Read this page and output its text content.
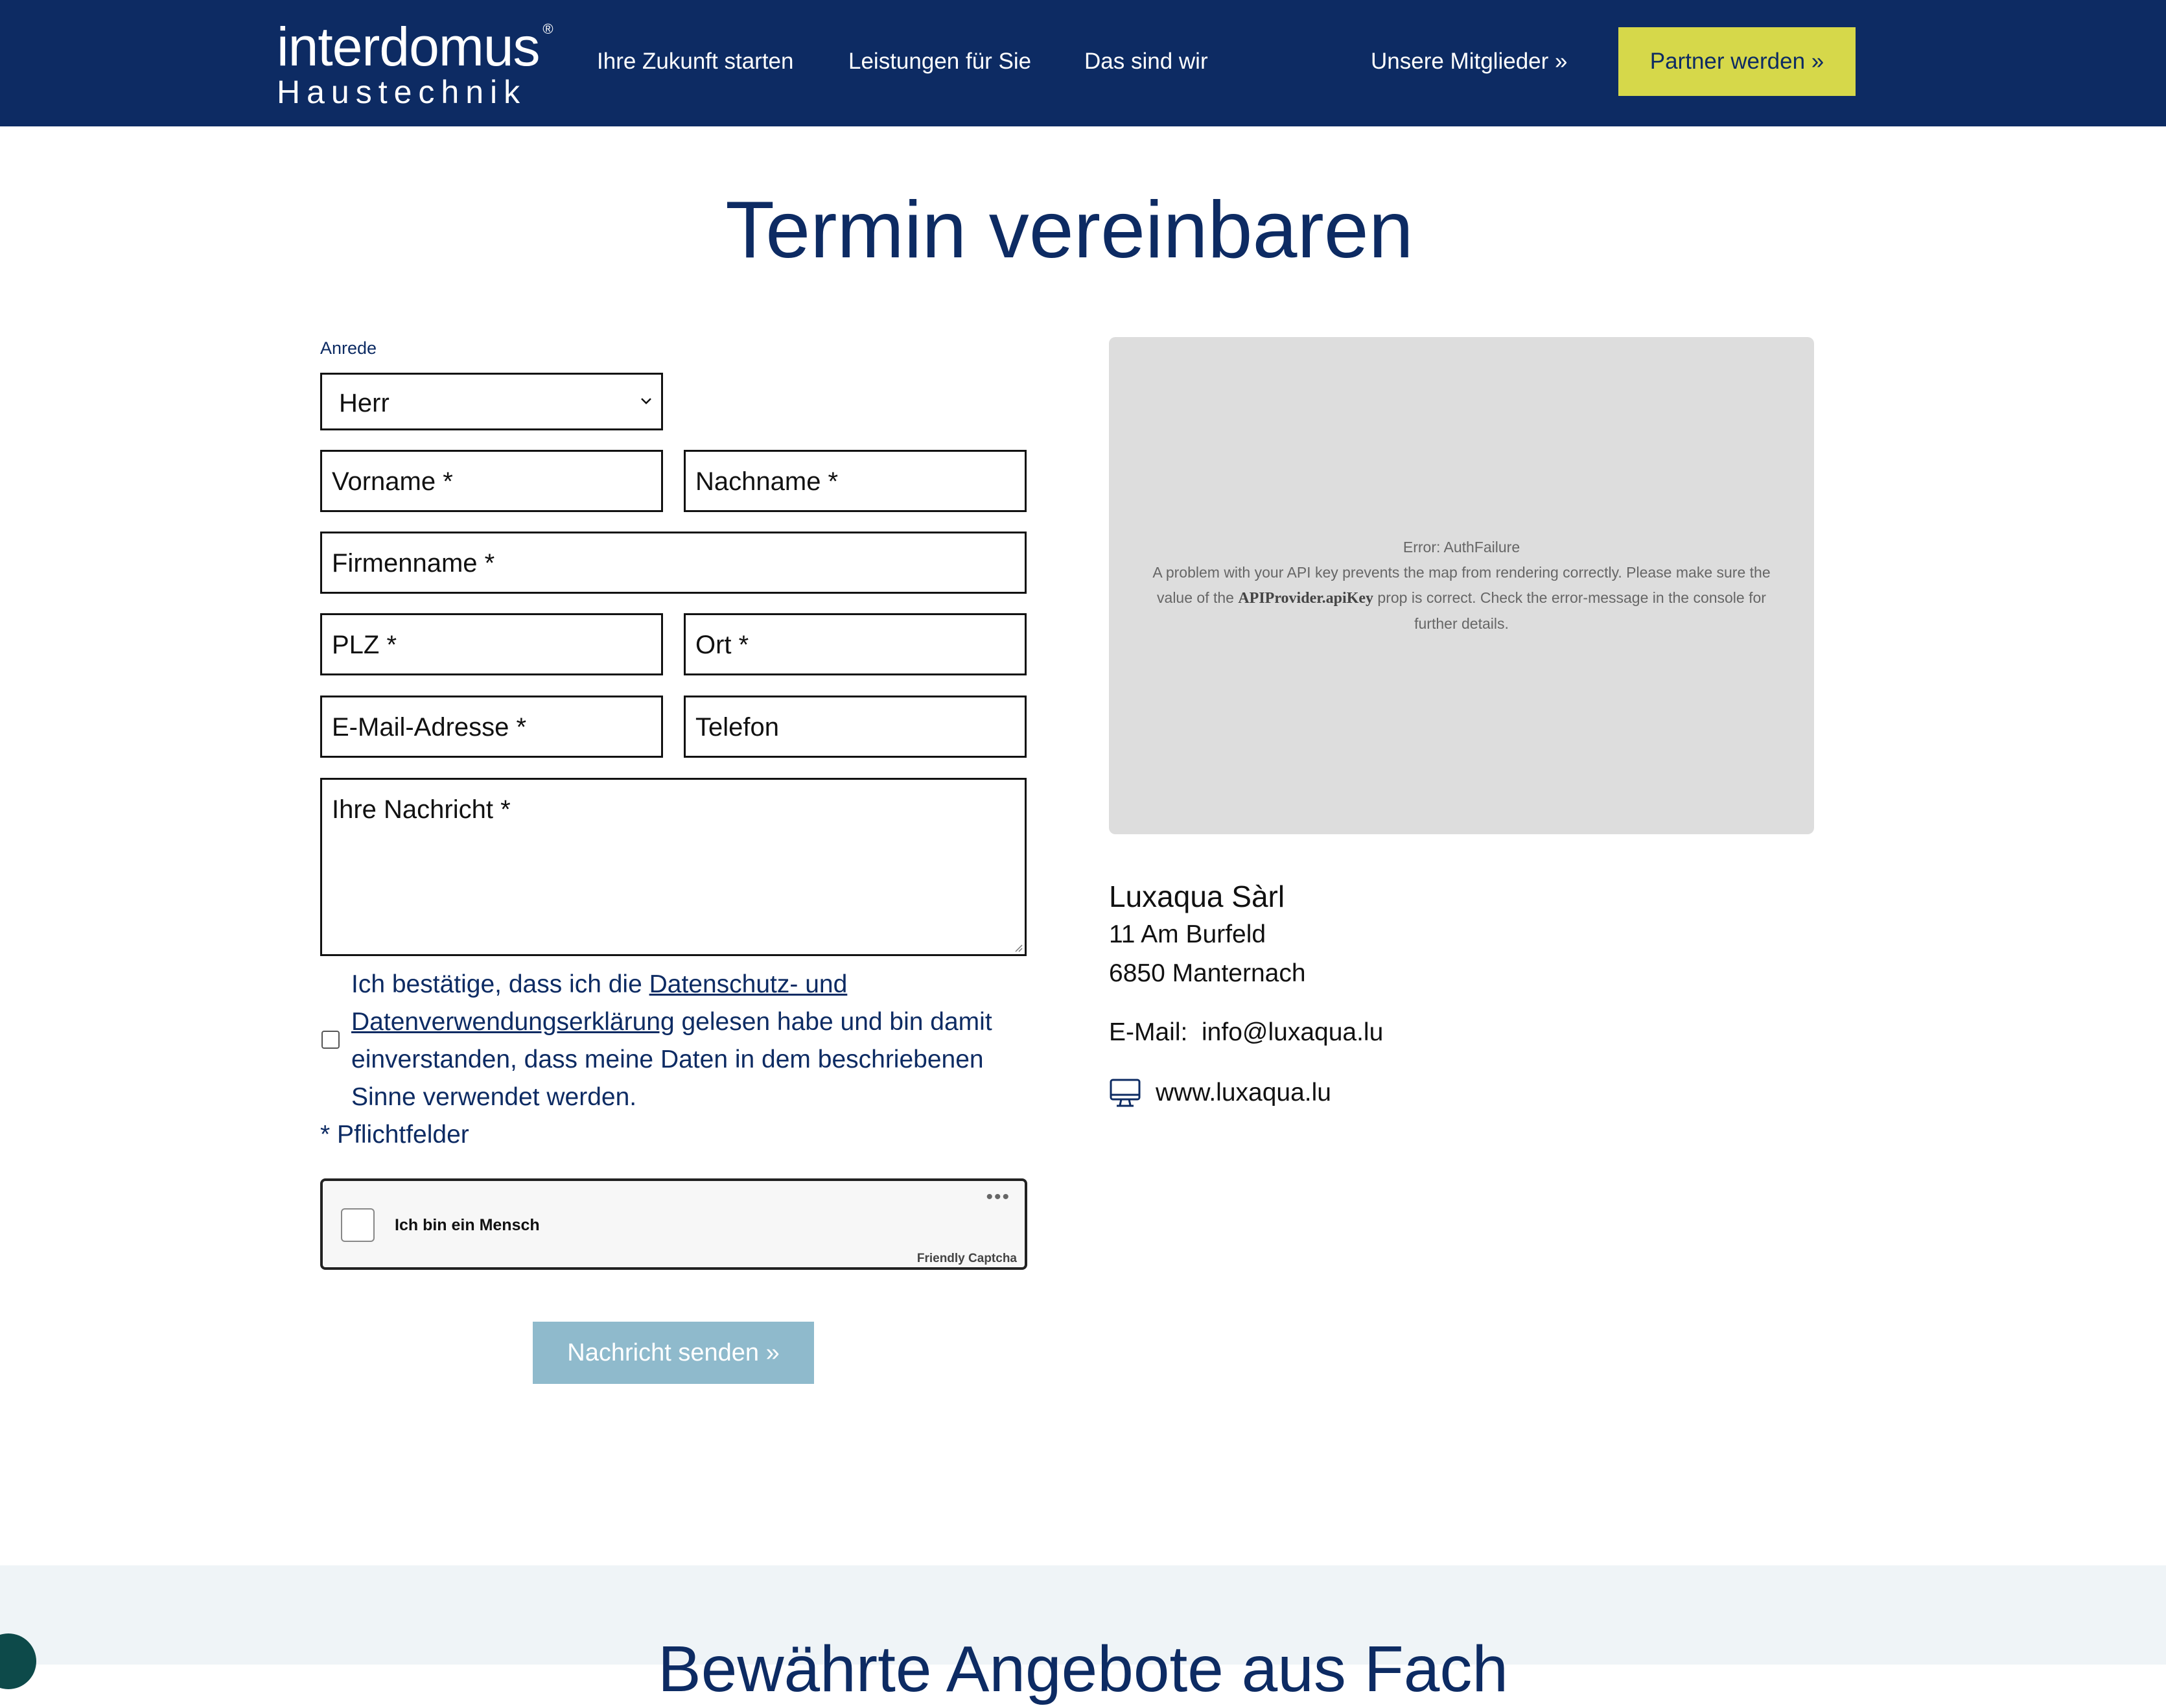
interdomus ®
Haustechnik
Ihre Zukunft starten Leistungen für Sie Das sind wir	Unsere Mitglieder »	Partner werden »
Termin vereinbaren
Anrede
Herr
Vorname *	Nachname *
Firmenname *
PLZ *	Ort *
E-Mail-Adresse *	Telefon
Ihre Nachricht *
Ich bestätige, dass ich die Datenschutz- und Datenverwendungserklärung gelesen habe und bin damit einverstanden, dass meine Daten in dem beschriebenen Sinne verwendet werden.
* Pflichtfelder
Ich bin ein Mensch
•••
Friendly Captcha
Nachricht senden »
Error: AuthFailure
A problem with your API key prevents the map from rendering correctly. Please make sure the value of the APIProvider.apiKey prop is correct. Check the error-message in the console for further details.
Luxaqua Sàrl
11 Am Burfeld
6850 Manternach
E-Mail: info@luxaqua.lu
www.luxaqua.lu
Bewährte Angebote aus Fach
